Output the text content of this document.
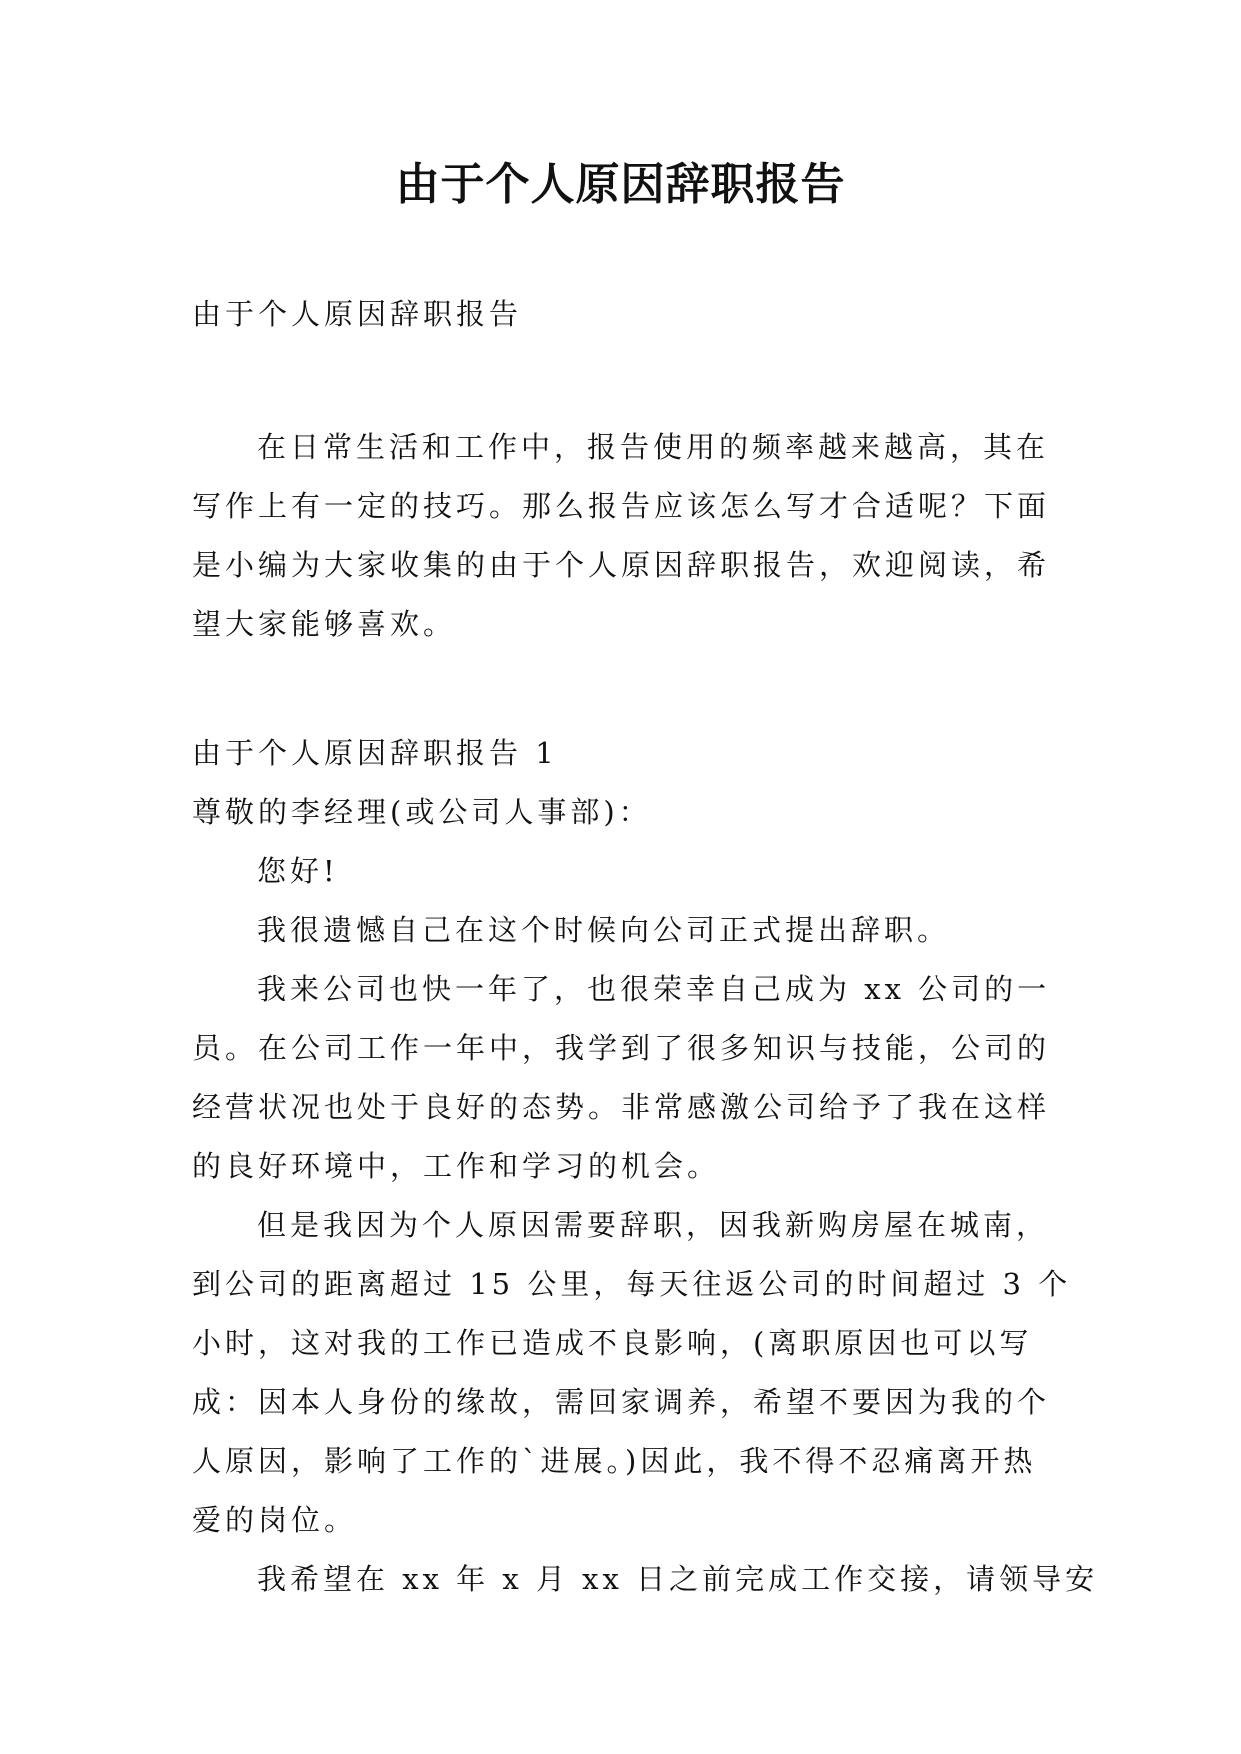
由于个人原因辞职报告
由于个人原因辞职报告
在日常生活和工作中，报告使用的频率越来越高，其在
写作上有一定的技巧。那么报告应该怎么写才合适呢？下面
是小编为大家收集的由于个人原因辞职报告，欢迎阅读，希
望大家能够喜欢。
由于个人原因辞职报告 1
尊敬的李经理(或公司人事部)：
您好!
我很遗憾自己在这个时候向公司正式提出辞职。
我来公司也快一年了，也很荣幸自己成为 xx 公司的一
员。在公司工作一年中，我学到了很多知识与技能，公司的
经营状况也处于良好的态势。非常感激公司给予了我在这样
的良好环境中，工作和学习的机会。
但是我因为个人原因需要辞职，因我新购房屋在城南，
到公司的距离超过 15 公里，每天往返公司的时间超过 3 个
小时，这对我的工作已造成不良影响，(离职原因也可以写
成：因本人身份的缘故，需回家调养，希望不要因为我的个
人原因，影响了工作的`进展。)因此，我不得不忍痛离开热
爱的岗位。
我希望在 xx 年 x 月 xx 日之前完成工作交接，请领导安
